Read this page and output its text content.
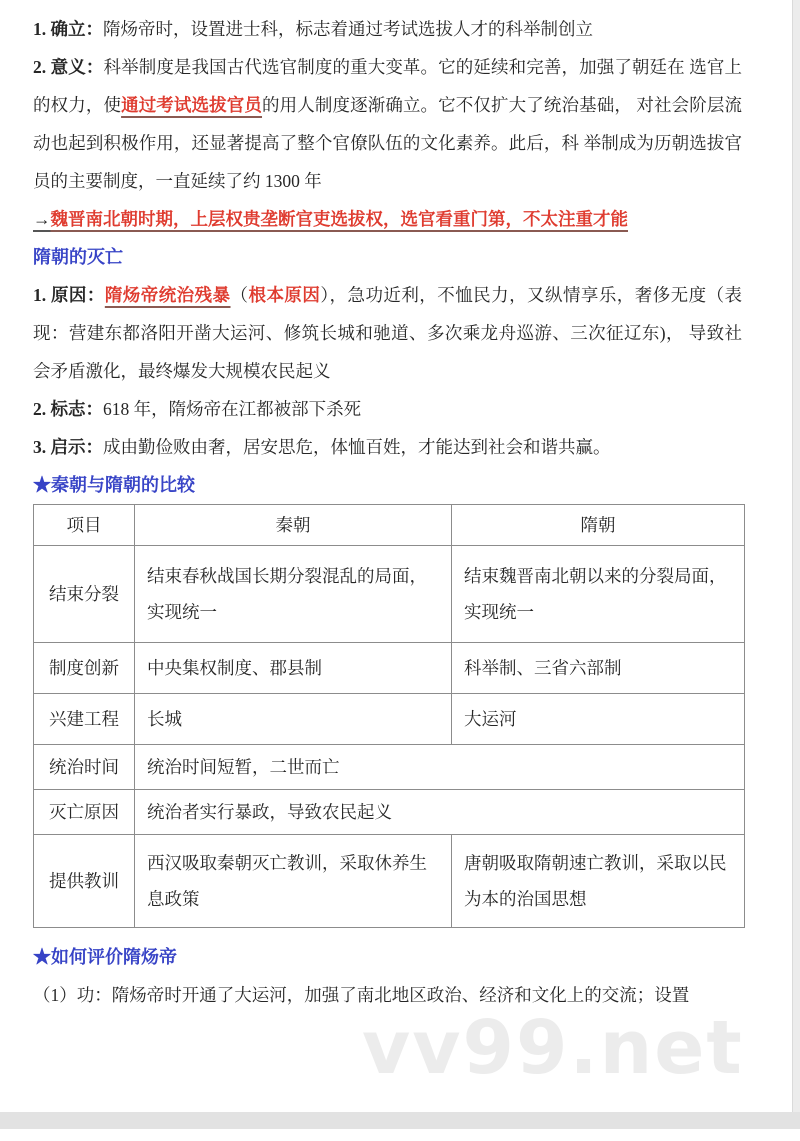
1. 确立：隋炀帝时，设置进士科，标志着通过考试选拔人才的科举制创立

2. 意义：科举制度是我国古代选官制度的重大变革。它的延续和完善，加强了朝廷在 选官上的权力，使通过考试选拔官员的用人制度逐渐确立。它不仅扩大了统治基础， 对社会阶层流动也起到积极作用，还显著提高了整个官僚队伍的文化素养。此后，科 举制成为历朝选拔官员的主要制度，一直延续了约 1300 年

→魏晋南北朝时期，上层权贵垄断官吏选拔权，选官看重门第，不太注重才能

隋朝的灭亡

1. 原因：隋炀帝统治残暴（根本原因），急功近利，不恤民力，又纵情享乐，奢侈无度（表现：营建东都洛阳开凿大运河、修筑长城和驰道、多次乘龙舟巡游、三次征辽东)， 导致社会矛盾激化，最终爆发大规模农民起义

2. 标志：618 年，隋炀帝在江都被部下杀死

3. 启示：成由勤俭败由奢，居安思危，体恤百姓，才能达到社会和谐共赢。

★秦朝与隋朝的比较
项目	秦朝	隋朝
结束分裂	结束春秋战国长期分裂混乱的局面， 实现统一	结束魏晋南北朝以来的分裂局面， 实现统一
制度创新	中央集权制度、郡县制	科举制、三省六部制
兴建工程	长城	大运河
统治时间	统治时间短暂，二世而亡	
灭亡原因	统治者实行暴政，导致农民起义	
提供教训	西汉吸取秦朝灭亡教训，采取休养生 息政策	唐朝吸取隋朝速亡教训，采取以民 为本的治国思想
★如何评价隋炀帝

（1）功：隋炀帝时开通了大运河，加强了南北地区政治、经济和文化上的交流；设置

vv99.net
